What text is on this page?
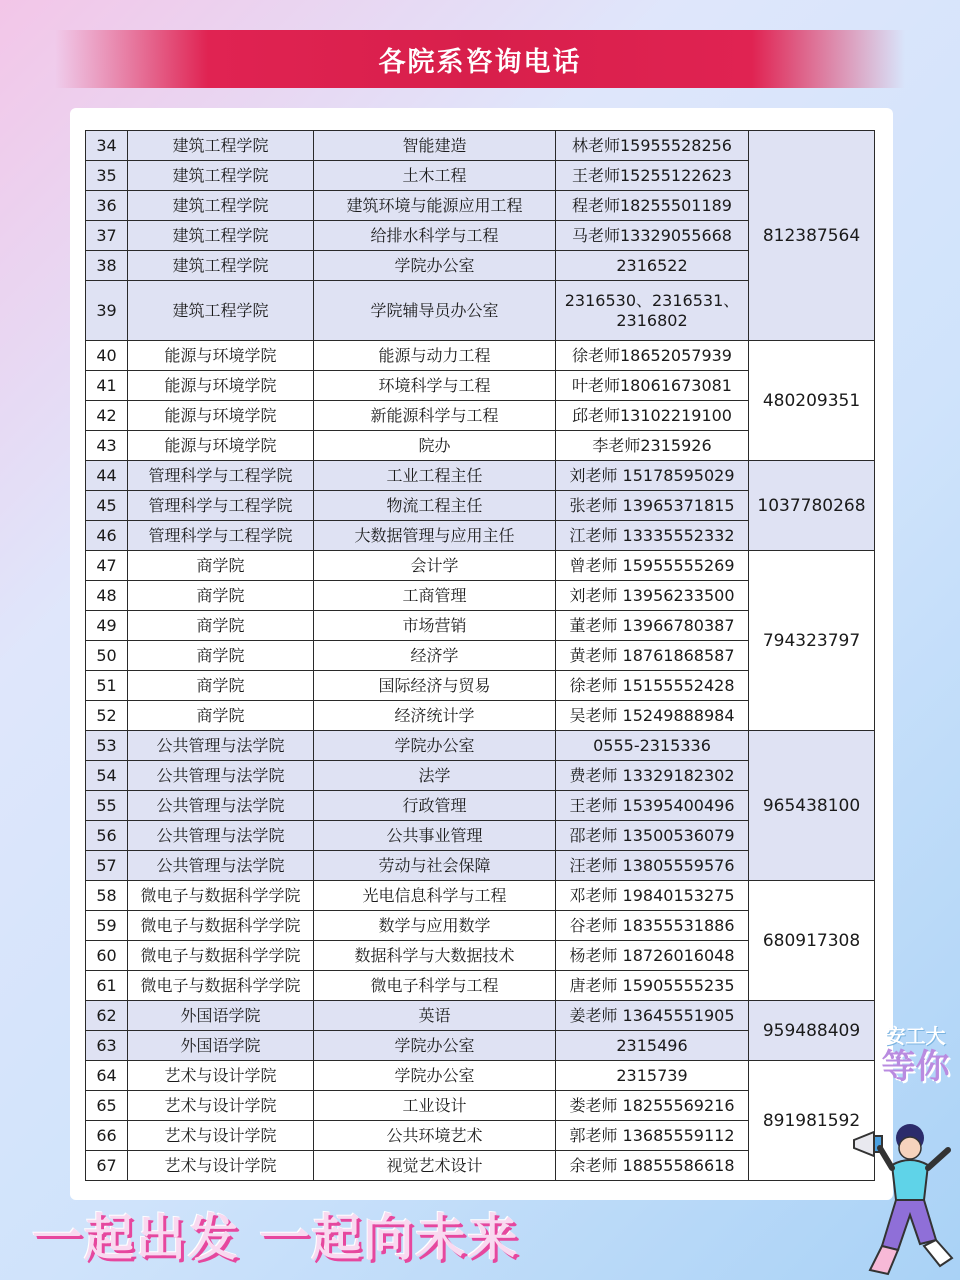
各院系咨询电话
34	建筑工程学院	智能建造	林老师15955528256	812387564
35	建筑工程学院	土木工程	王老师15255122623	
36	建筑工程学院	建筑环境与能源应用工程	程老师18255501189	
37	建筑工程学院	给排水科学与工程	马老师13329055668	
38	建筑工程学院	学院办公室	2316522	
39	建筑工程学院	学院辅导员办公室	2316530、2316531、2316802	
40	能源与环境学院	能源与动力工程	徐老师18652057939	480209351
41	能源与环境学院	环境科学与工程	叶老师18061673081	
42	能源与环境学院	新能源科学与工程	邱老师13102219100	
43	能源与环境学院	院办	李老师2315926	
44	管理科学与工程学院	工业工程主任	刘老师 15178595029	1037780268
45	管理科学与工程学院	物流工程主任	张老师 13965371815	
46	管理科学与工程学院	大数据管理与应用主任	江老师 13335552332	
47	商学院	会计学	曾老师 15955555269	794323797
48	商学院	工商管理	刘老师 13956233500	
49	商学院	市场营销	董老师 13966780387	
50	商学院	经济学	黄老师 18761868587	
51	商学院	国际经济与贸易	徐老师 15155552428	
52	商学院	经济统计学	吴老师 15249888984	
53	公共管理与法学院	学院办公室	0555-2315336	965438100
54	公共管理与法学院	法学	费老师 13329182302	
55	公共管理与法学院	行政管理	王老师 15395400496	
56	公共管理与法学院	公共事业管理	邵老师 13500536079	
57	公共管理与法学院	劳动与社会保障	汪老师 13805559576	
58	微电子与数据科学学院	光电信息科学与工程	邓老师 19840153275	680917308
59	微电子与数据科学学院	数学与应用数学	谷老师 18355531886	
60	微电子与数据科学学院	数据科学与大数据技术	杨老师 18726016048	
61	微电子与数据科学学院	微电子科学与工程	唐老师 15905555235	
62	外国语学院	英语	姜老师 13645551905	959488409
63	外国语学院	学院办公室	2315496	
64	艺术与设计学院	学院办公室	2315739	891981592
65	艺术与设计学院	工业设计	娄老师 18255569216	
66	艺术与设计学院	公共环境艺术	郭老师 13685559112	
67	艺术与设计学院	视觉艺术设计	余老师 18855586618	
一起出发 一起向未来
安工大
等你
